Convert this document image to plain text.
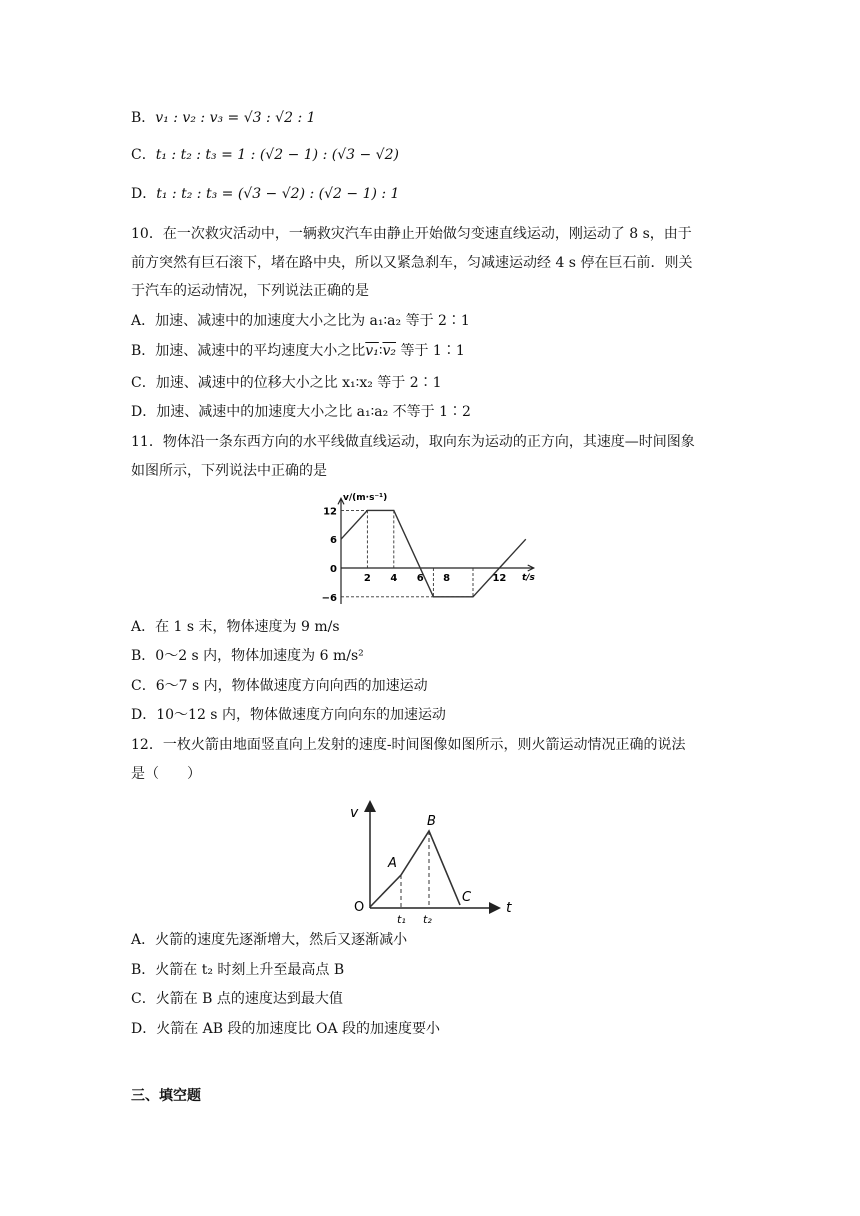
B．v₁ : v₂ : v₃ = √3 : √2 : 1
C．t₁ : t₂ : t₃ = 1 : (√2 − 1) : (√3 − √2)
D．t₁ : t₂ : t₃ = (√3 − √2) : (√2 − 1) : 1
10．在一次救灾活动中，一辆救灾汽车由静止开始做匀变速直线运动，刚运动了 8 s，由于
前方突然有巨石滚下，堵在路中央，所以又紧急刹车，匀减速运动经 4 s 停在巨石前．则关
于汽车的运动情况，下列说法正确的是
A．加速、减速中的加速度大小之比为 a₁∶a₂ 等于 2∶1
B．加速、减速中的平均速度大小之比v₁∶v₂ 等于 1∶1
C．加速、减速中的位移大小之比 x₁∶x₂ 等于 2∶1
D．加速、减速中的加速度大小之比 a₁∶a₂ 不等于 1∶2
11．物体沿一条东西方向的水平线做直线运动，取向东为运动的正方向，其速度—时间图象
如图所示，下列说法中正确的是
12
6
0
−6
2 4 6 8	12
v/(m·s⁻¹)
t/s
A．在 1 s 末，物体速度为 9 m/s
B．0～2 s 内，物体加速度为 6 m/s²
C．6～7 s 内，物体做速度方向向西的加速运动
D．10～12 s 内，物体做速度方向向东的加速运动
12．一枚火箭由地面竖直向上发射的速度-时间图像如图所示，则火箭运动情况正确的说法
是（　　）
v
t
O
A
B
C
t₁ t₂
A．火箭的速度先逐渐增大，然后又逐渐减小
B．火箭在 t₂ 时刻上升至最高点 B
C．火箭在 B 点的速度达到最大值
D．火箭在 AB 段的加速度比 OA 段的加速度要小
三、填空题
